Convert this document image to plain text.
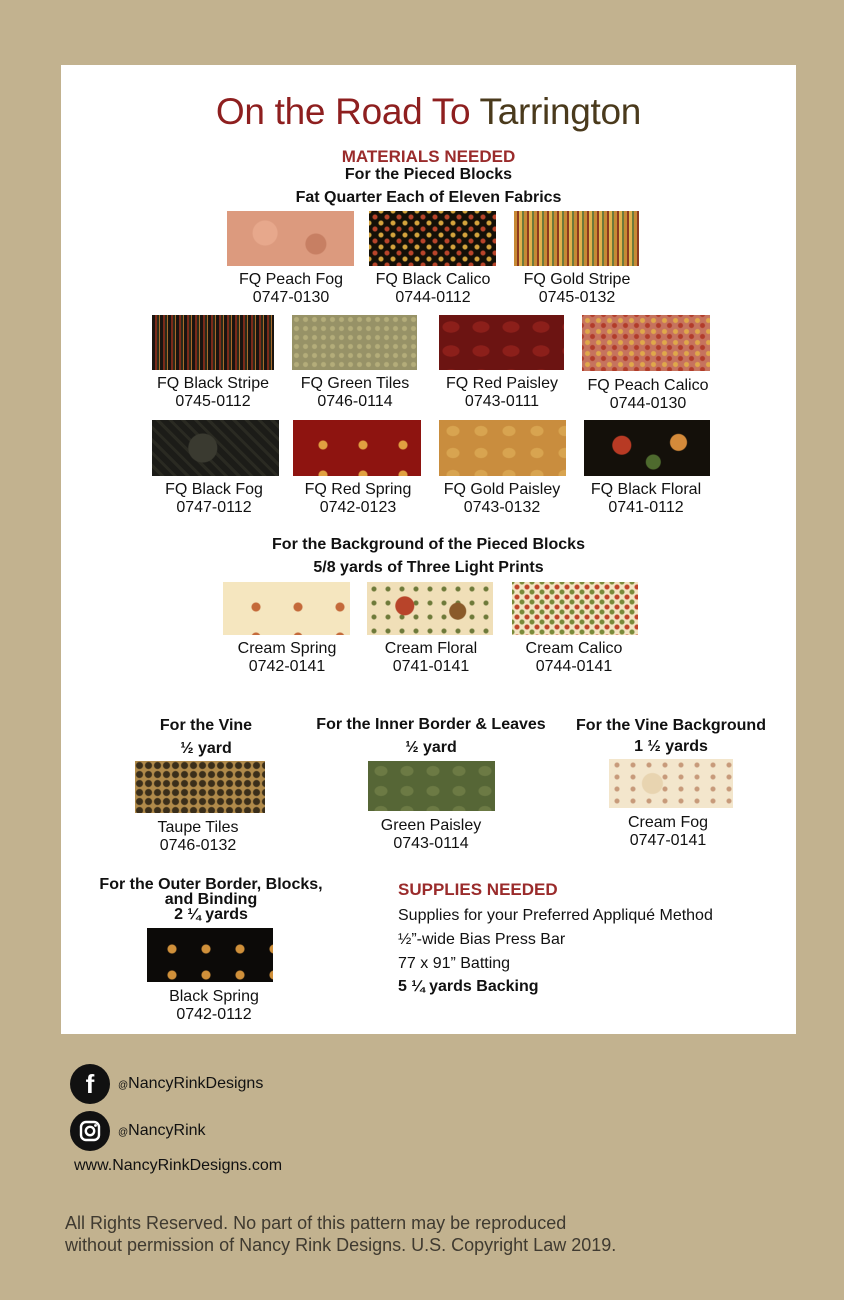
On the Road To Tarrington
MATERIALS NEEDED
For the Pieced Blocks
Fat Quarter Each of Eleven Fabrics
FQ Peach Fog
0747-0130
FQ Black Calico
0744-0112
FQ Gold Stripe
0745-0132
FQ Black Stripe
0745-0112
FQ Green Tiles
0746-0114
FQ Red Paisley
0743-0111
FQ Peach Calico
0744-0130
FQ Black Fog
0747-0112
FQ Red Spring
0742-0123
FQ Gold Paisley
0743-0132
FQ Black Floral
0741-0112
For the Background of the Pieced Blocks
5/8 yards of Three Light Prints
Cream Spring
0742-0141
Cream Floral
0741-0141
Cream Calico
0744-0141
For the Vine
½ yard
Taupe Tiles
0746-0132
For the Inner Border & Leaves
½ yard
Green Paisley
0743-0114
For the Vine Background
1 ½ yards
Cream Fog
0747-0141
For the Outer Border, Blocks,
and Binding
2 ¼ yards
Black Spring
0742-0112
SUPPLIES NEEDED
Supplies for your Preferred Appliqué Method
½”-wide Bias Press Bar
77 x 91” Batting
5 ¼ yards Backing
f	@NancyRinkDesigns
@NancyRink
www.NancyRinkDesigns.com
All Rights Reserved. No part of this pattern may be reproduced
without permission of Nancy Rink Designs. U.S. Copyright Law 2019.
